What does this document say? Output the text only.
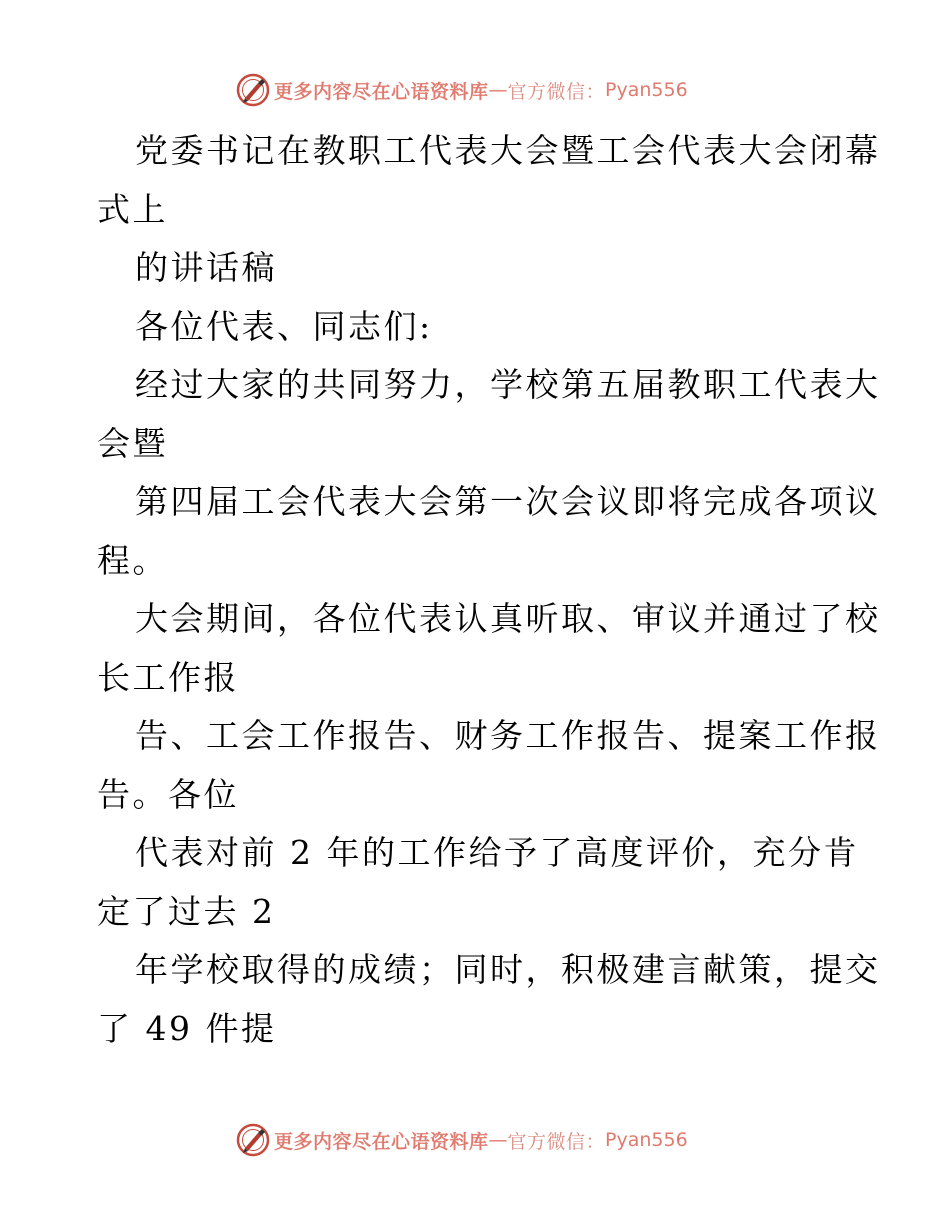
更多内容尽在心语资料库 — 官方微信： Pyan556
党委书记在教职工代表大会暨工会代表大会闭幕
式上
的讲话稿
各位代表、同志们:
经过大家的共同努力，学校第五届教职工代表大
会暨
第四届工会代表大会第一次会议即将完成各项议
程。
大会期间，各位代表认真听取、审议并通过了校
长工作报
告、工会工作报告、财务工作报告、提案工作报
告。各位
代表对前 2 年的工作给予了高度评价，充分肯
定了过去 2
年学校取得的成绩；同时，积极建言献策，提交
了 49 件提
更多内容尽在心语资料库 — 官方微信： Pyan556
